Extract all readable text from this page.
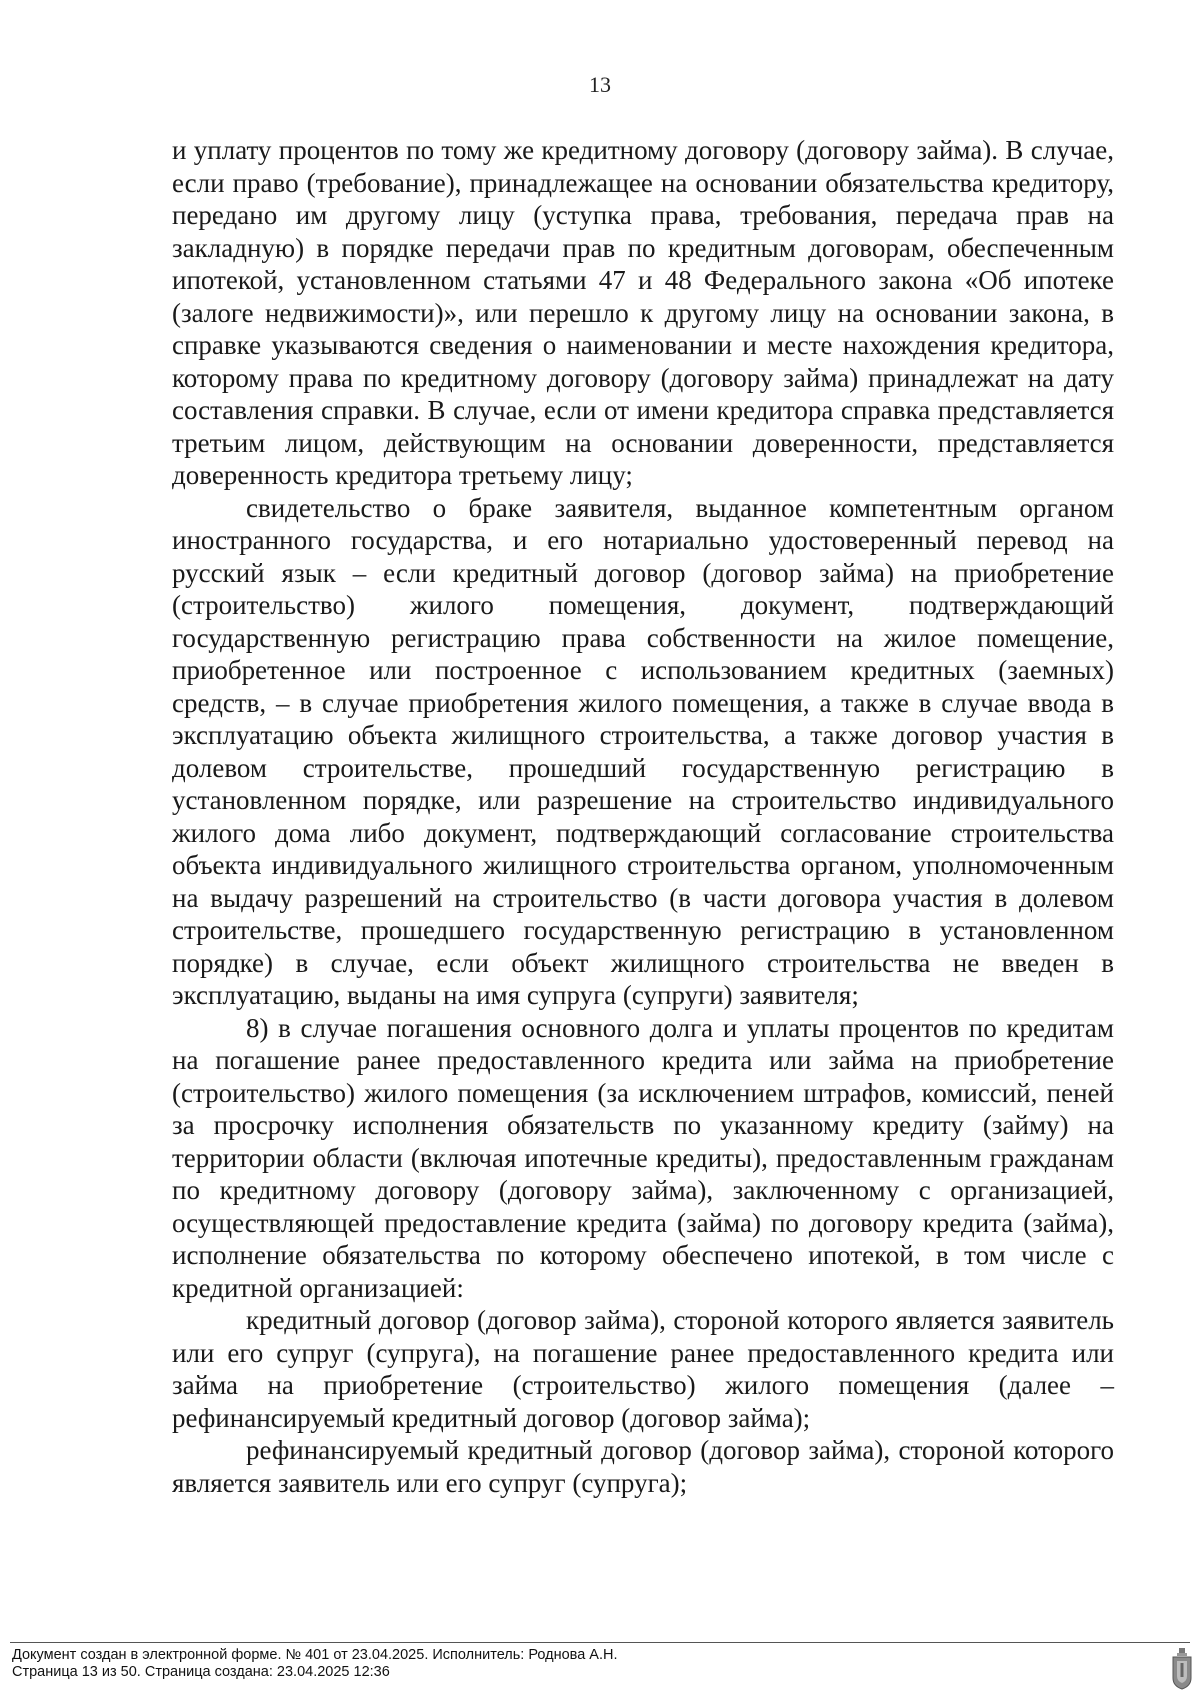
13

и уплату процентов по тому же кредитному договору (договору займа). В случае, если право (требование), принадлежащее на основании обязательства кредитору, передано им другому лицу (уступка права, требования, передача прав на закладную) в порядке передачи прав по кредитным договорам, обеспеченным ипотекой, установленном статьями 47 и 48 Федерального закона «Об ипотеке (залоге недвижимости)», или перешло к другому лицу на основании закона, в справке указываются сведения о наименовании и месте нахождения кредитора, которому права по кредитному договору (договору займа) принадлежат на дату составления справки. В случае, если от имени кредитора справка представляется третьим лицом, действующим на основании доверенности, представляется доверенность кредитора третьему лицу;

свидетельство о браке заявителя, выданное компетентным органом иностранного государства, и его нотариально удостоверенный перевод на русский язык – если кредитный договор (договор займа) на приобретение (строительство) жилого помещения, документ, подтверждающий государственную регистрацию права собственности на жилое помещение, приобретенное или построенное с использованием кредитных (заемных) средств, – в случае приобретения жилого помещения, а также в случае ввода в эксплуатацию объекта жилищного строительства, а также договор участия в долевом строительстве, прошедший государственную регистрацию в установленном порядке, или разрешение на строительство индивидуального жилого дома либо документ, подтверждающий согласование строительства объекта индивидуального жилищного строительства органом, уполномоченным на выдачу разрешений на строительство (в части договора участия в долевом строительстве, прошедшего государственную регистрацию в установленном порядке) в случае, если объект жилищного строительства не введен в эксплуатацию, выданы на имя супруга (супруги) заявителя;

8) в случае погашения основного долга и уплаты процентов по кредитам на погашение ранее предоставленного кредита или займа на приобретение (строительство) жилого помещения (за исключением штрафов, комиссий, пеней за просрочку исполнения обязательств по указанному кредиту (займу) на территории области (включая ипотечные кредиты), предоставленным гражданам по кредитному договору (договору займа), заключенному с организацией, осуществляющей предоставление кредита (займа) по договору кредита (займа), исполнение обязательства по которому обеспечено ипотекой, в том числе с кредитной организацией:

кредитный договор (договор займа), стороной которого является заявитель или его супруг (супруга), на погашение ранее предоставленного кредита или займа на приобретение (строительство) жилого помещения (далее – рефинансируемый кредитный договор (договор займа);

рефинансируемый кредитный договор (договор займа), стороной которого является заявитель или его супруг (супруга);

Документ создан в электронной форме. № 401 от 23.04.2025. Исполнитель: Роднова А.Н.
Страница 13 из 50. Страница создана: 23.04.2025 12:36
